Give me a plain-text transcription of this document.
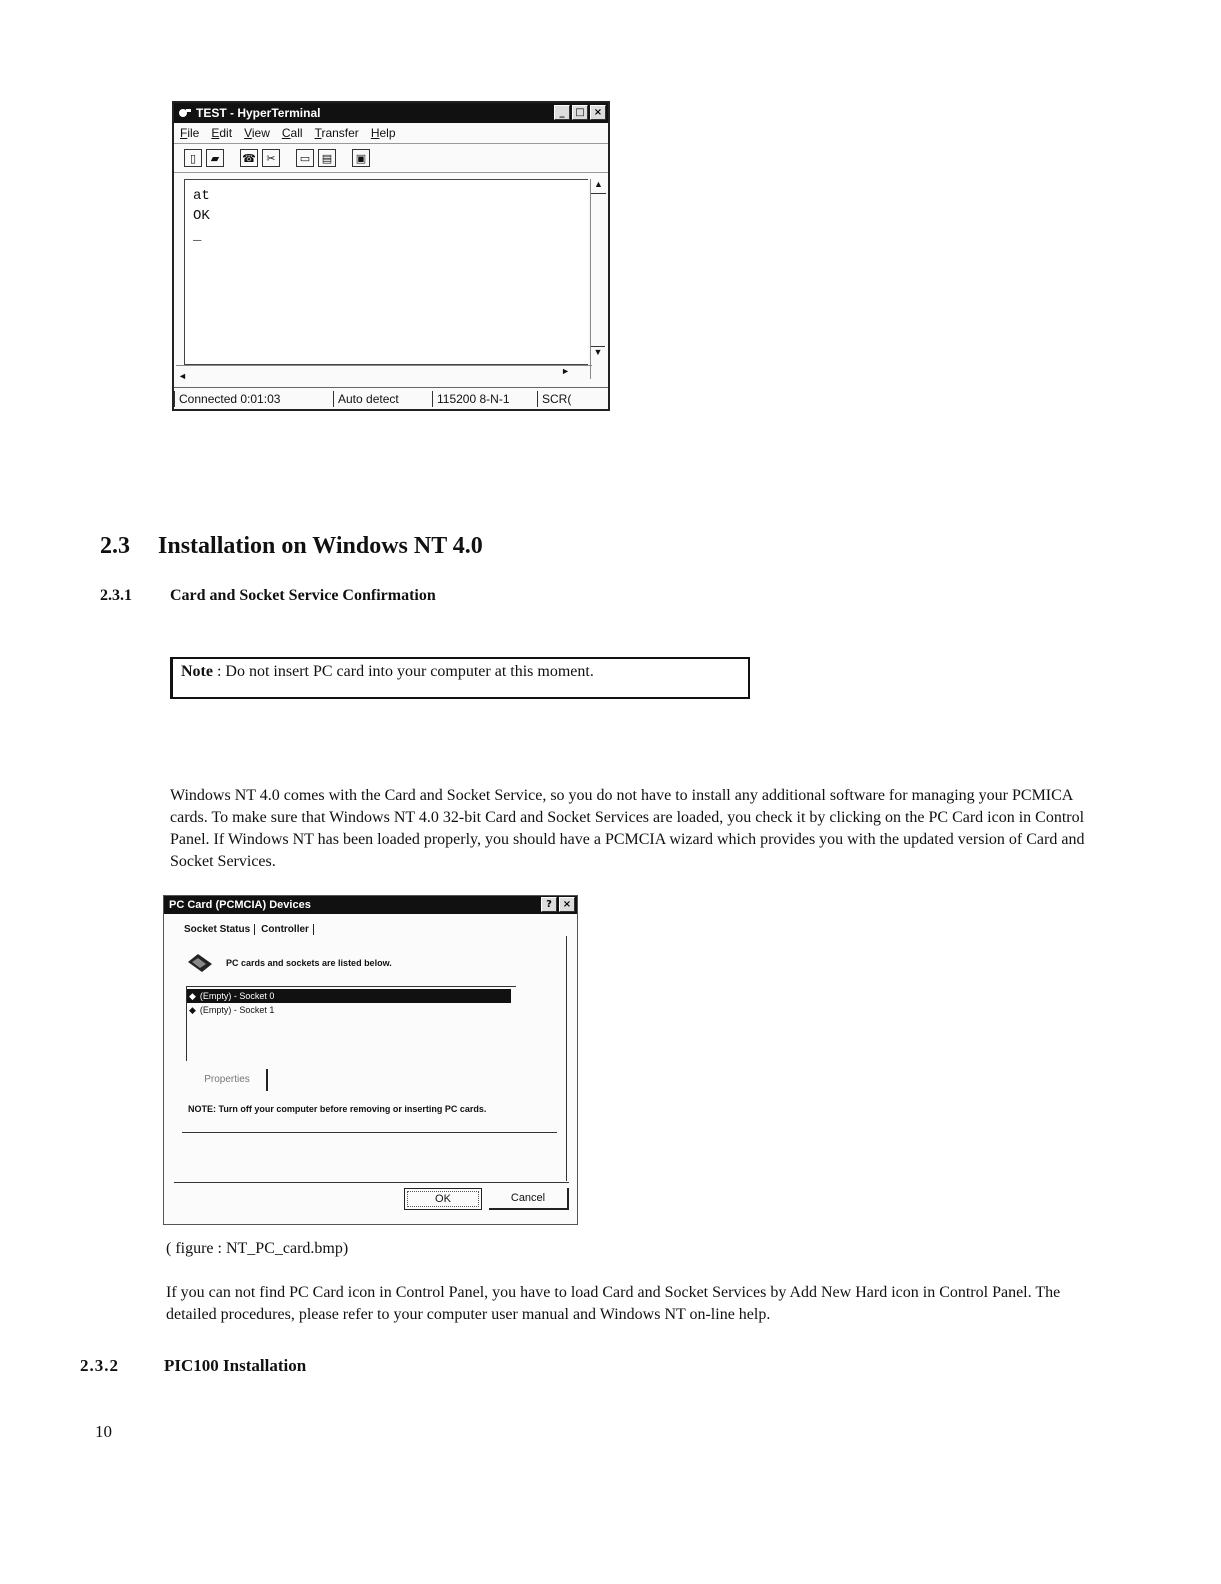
TEST - HyperTerminal	_	□ ×
File Edit View Call Transfer Help
▯	▰	☎ ✂	▭	▤	▣
at
OK
_
▲
▼
◄	►
Connected 0:01:03	Auto detect	115200 8-N-1	SCR(
2.3 Installation on Windows NT 4.0
2.3.1 Card and Socket Service Confirmation
Note : Do not insert PC card into your computer at this moment.
Windows NT 4.0 comes with the Card and Socket Service, so you do not have to install any additional software for managing your PCMICA cards. To make sure that Windows NT 4.0 32-bit Card and Socket Services are loaded, you check it by clicking on the PC Card icon in Control Panel. If Windows NT has been loaded properly, you should have a PCMCIA wizard which provides you with the updated version of Card and Socket Services.
PC Card (PCMCIA) Devices	?	×
Socket Status	Controller
PC cards and sockets are listed below.
◆ (Empty) - Socket 0
◆ (Empty) - Socket 1
Properties
NOTE: Turn off your computer before removing or inserting PC cards.
OK	Cancel
( figure : NT_PC_card.bmp)
If you can not find PC Card icon in Control Panel, you have to load Card and Socket Services by Add New Hard icon in Control Panel. The detailed procedures, please refer to your computer user manual and Windows NT on-line help.
2.3.2	PIC100 Installation
10
